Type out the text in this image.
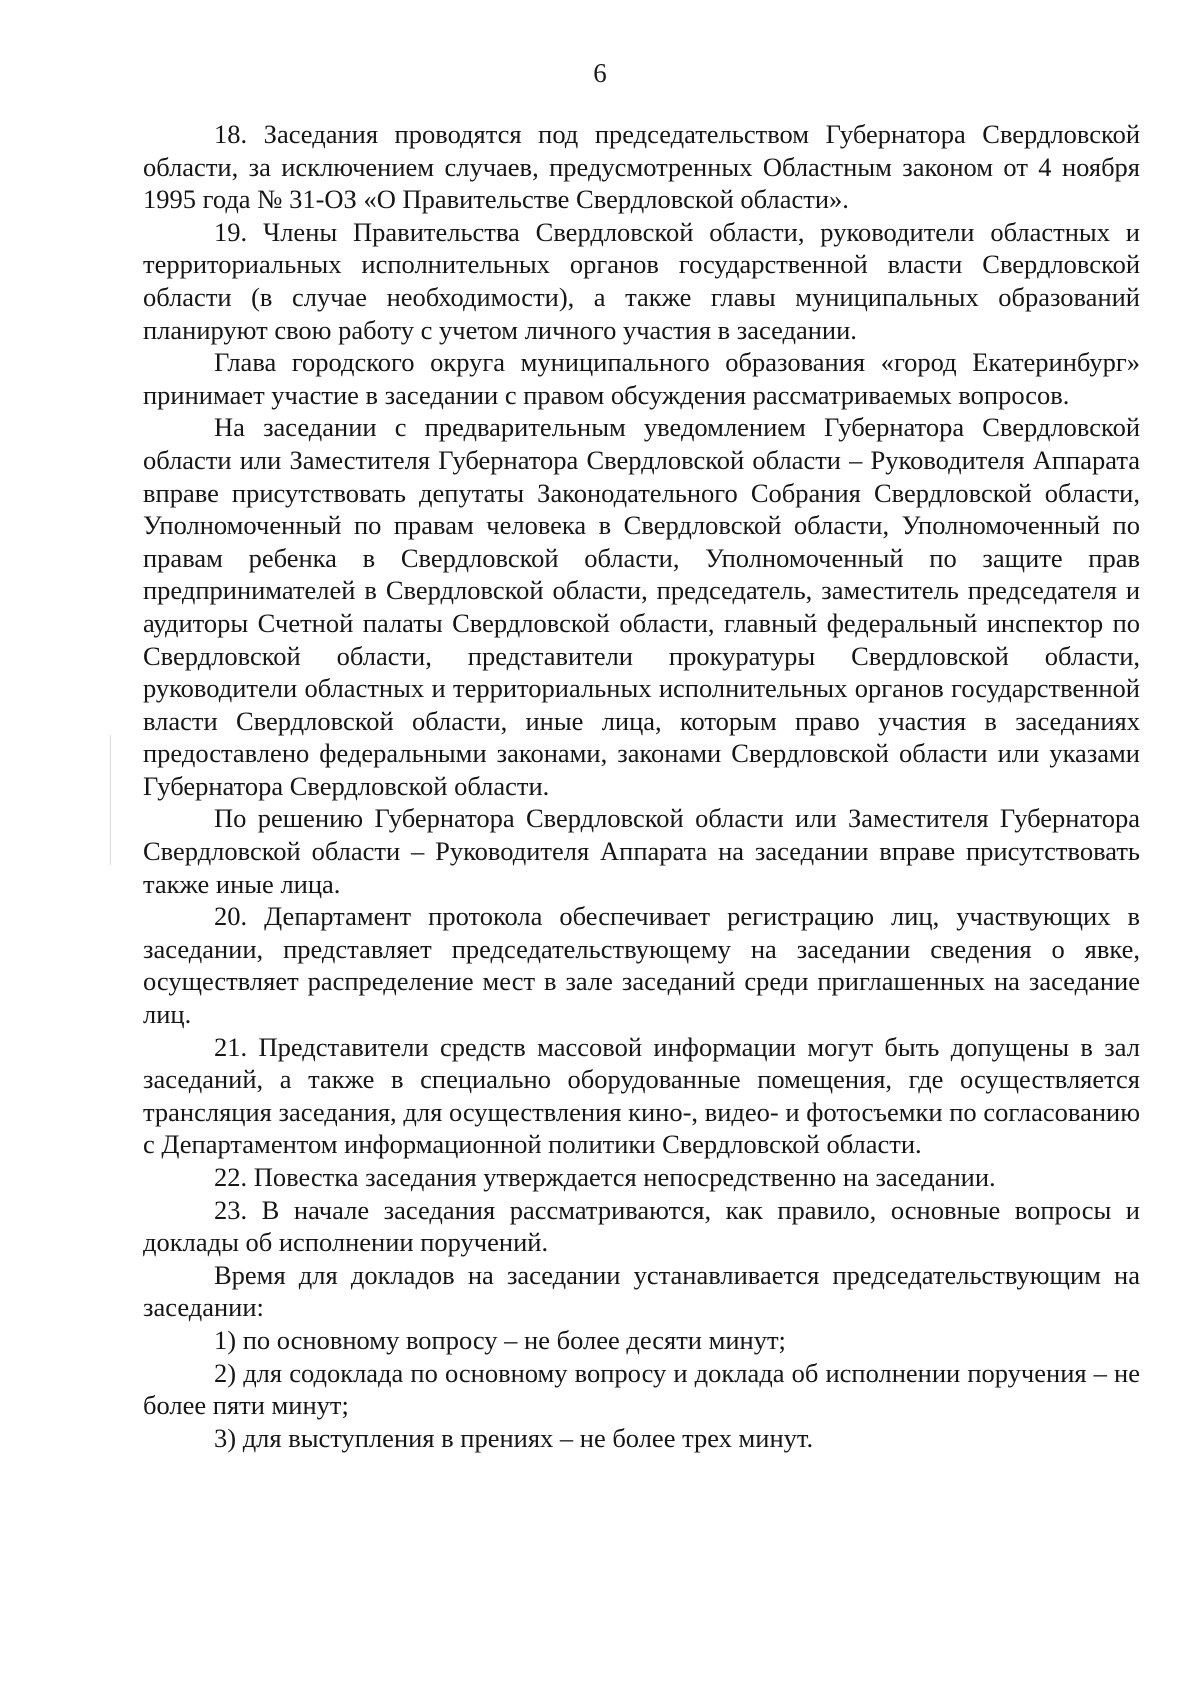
6

18. Заседания проводятся под председательством Губернатора Свердловской области, за исключением случаев, предусмотренных Областным законом от 4 ноября 1995 года № 31-ОЗ «О Правительстве Свердловской области».

19. Члены Правительства Свердловской области, руководители областных и территориальных исполнительных органов государственной власти Свердловской области (в случае необходимости), а также главы муниципальных образований планируют свою работу с учетом личного участия в заседании.

Глава городского округа муниципального образования «город Екатеринбург» принимает участие в заседании с правом обсуждения рассматриваемых вопросов.

На заседании с предварительным уведомлением Губернатора Свердловской области или Заместителя Губернатора Свердловской области – Руководителя Аппарата вправе присутствовать депутаты Законодательного Собрания Свердловской области, Уполномоченный по правам человека в Свердловской области, Уполномоченный по правам ребенка в Свердловской области, Уполномоченный по защите прав предпринимателей в Свердловской области, председатель, заместитель председателя и аудиторы Счетной палаты Свердловской области, главный федеральный инспектор по Свердловской области, представители прокуратуры Свердловской области, руководители областных и территориальных исполнительных органов государственной власти Свердловской области, иные лица, которым право участия в заседаниях предоставлено федеральными законами, законами Свердловской области или указами Губернатора Свердловской области.

По решению Губернатора Свердловской области или Заместителя Губернатора Свердловской области – Руководителя Аппарата на заседании вправе присутствовать также иные лица.

20. Департамент протокола обеспечивает регистрацию лиц, участвующих в заседании, представляет председательствующему на заседании сведения о явке, осуществляет распределение мест в зале заседаний среди приглашенных на заседание лиц.

21. Представители средств массовой информации могут быть допущены в зал заседаний, а также в специально оборудованные помещения, где осуществляется трансляция заседания, для осуществления кино-, видео- и фотосъемки по согласованию с Департаментом информационной политики Свердловской области.

22. Повестка заседания утверждается непосредственно на заседании.

23. В начале заседания рассматриваются, как правило, основные вопросы и доклады об исполнении поручений.

Время для докладов на заседании устанавливается председательствующим на заседании:

1) по основному вопросу – не более десяти минут;

2) для содоклада по основному вопросу и доклада об исполнении поручения – не более пяти минут;

3) для выступления в прениях – не более трех минут.
